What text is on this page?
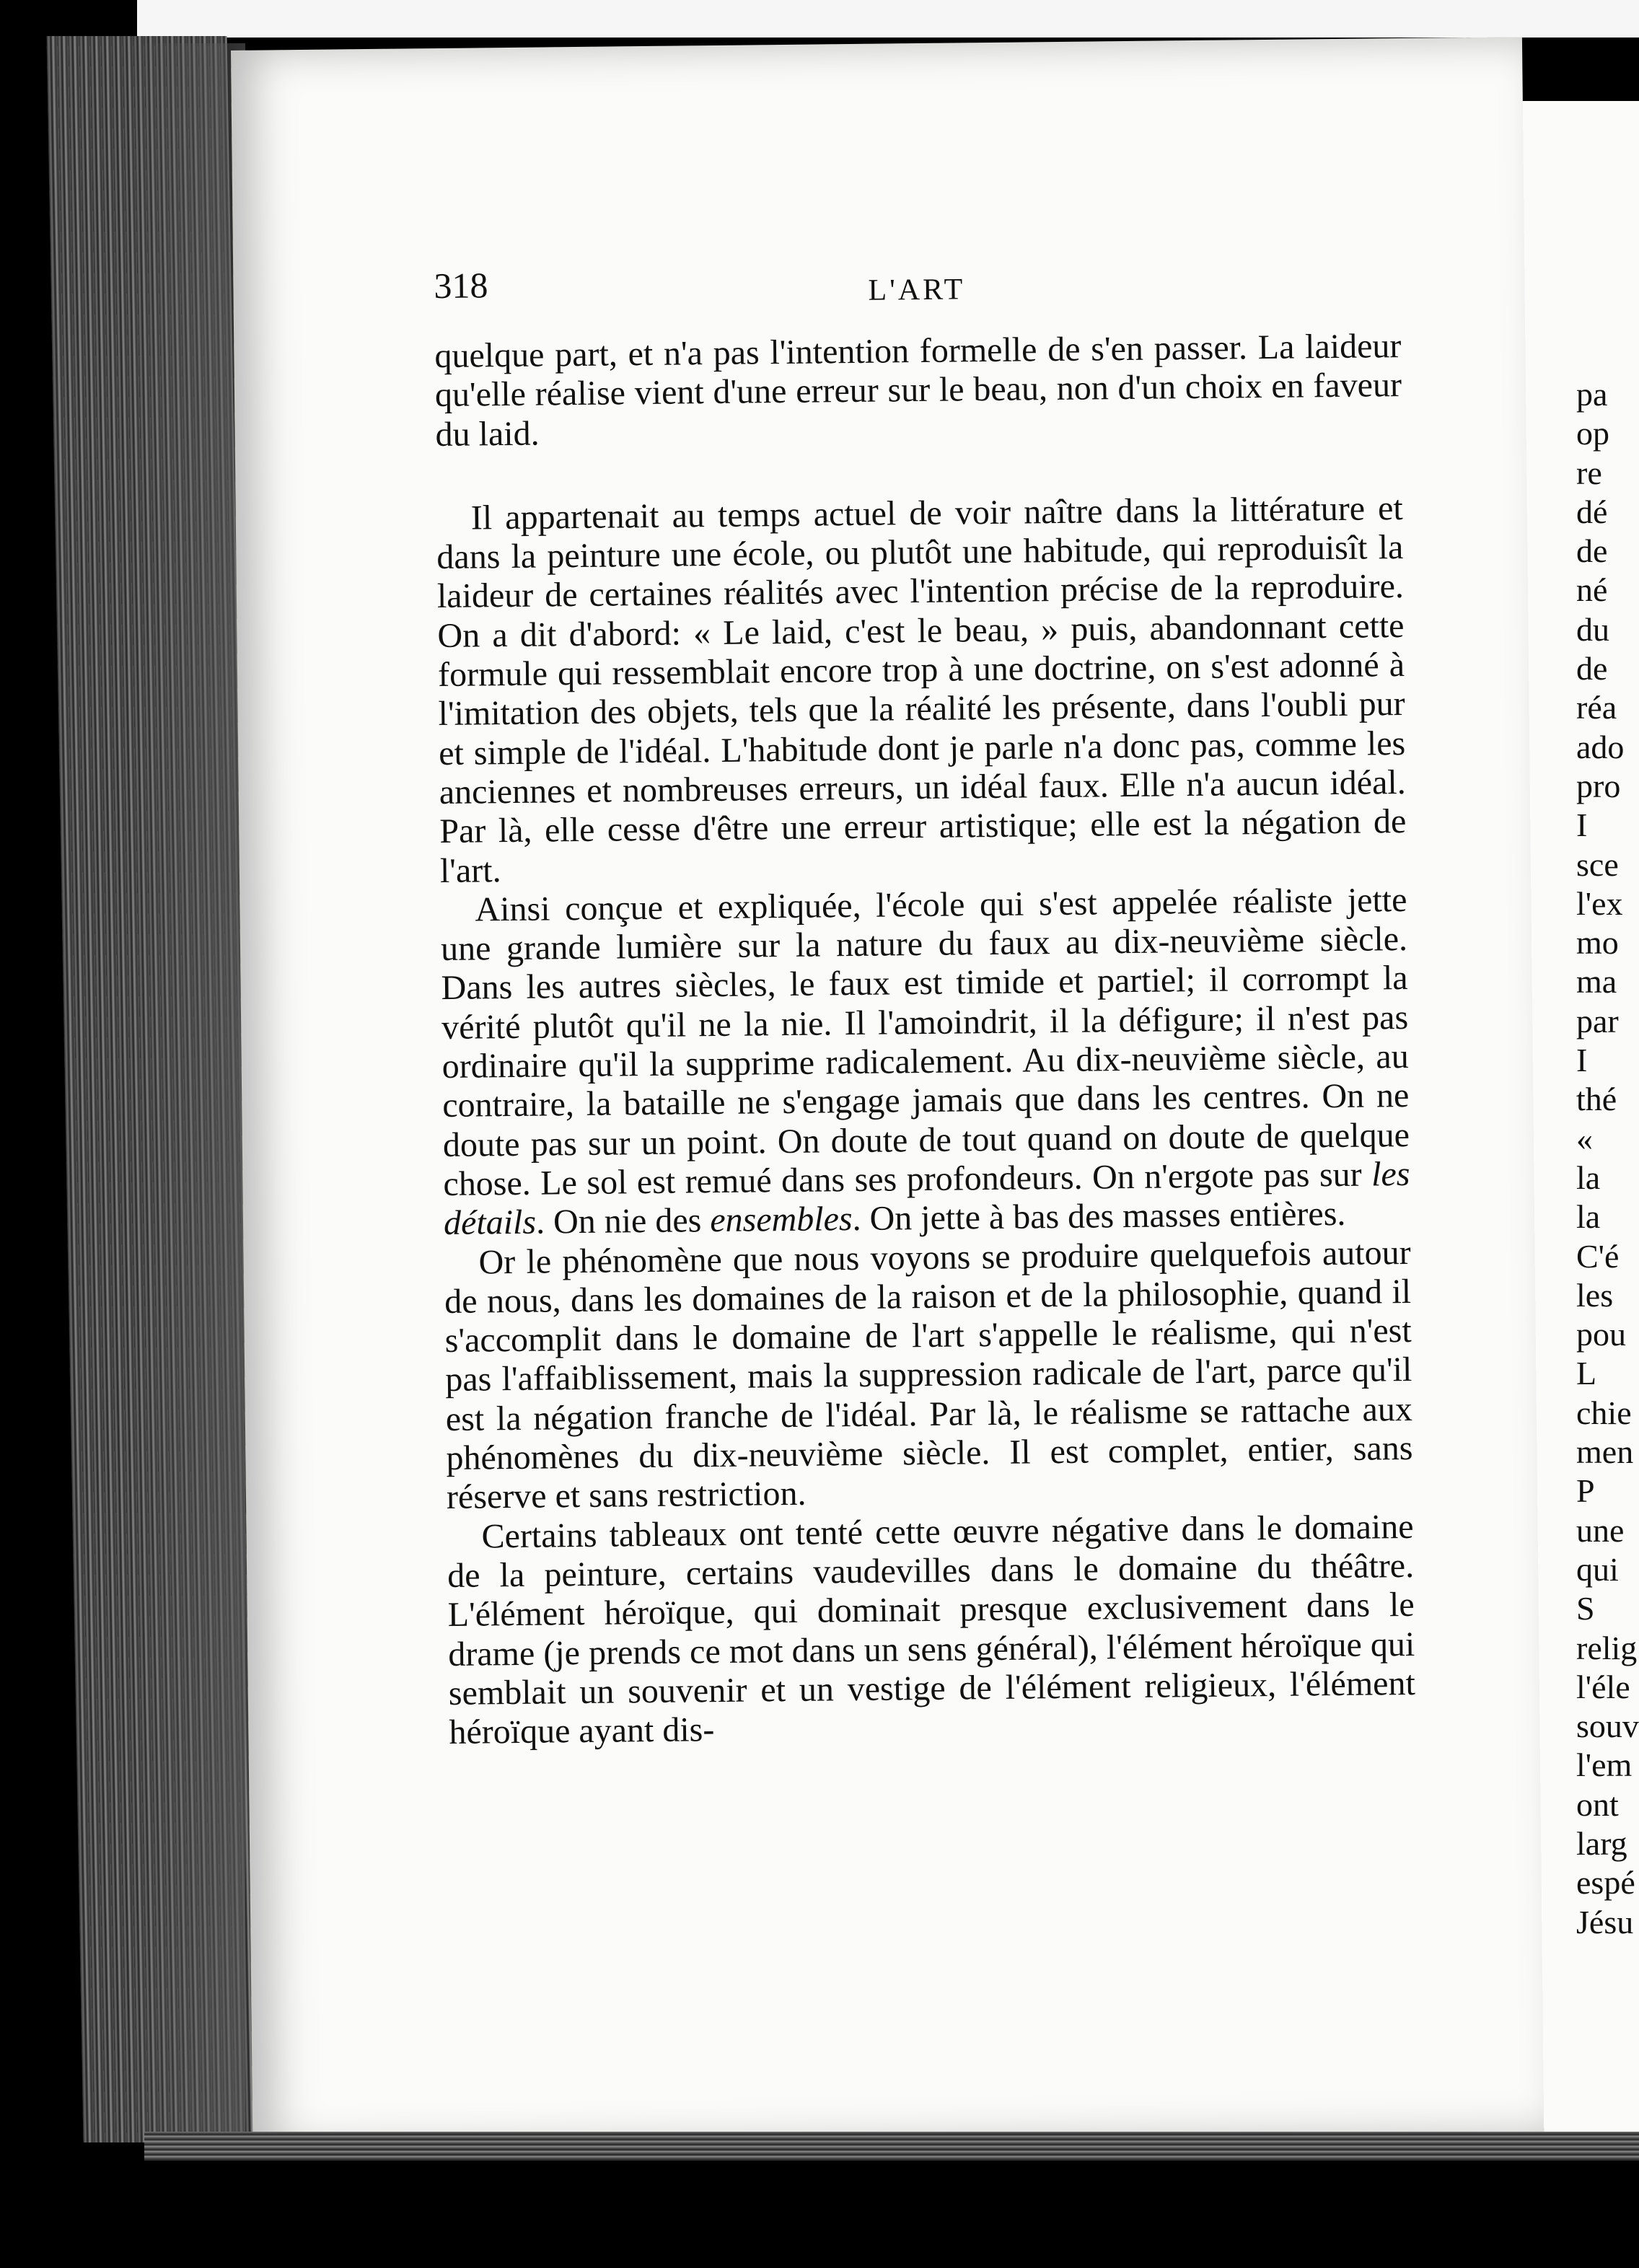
pa
op
re
dé
de
né
du
de
réa
ado
pro
I
sce
l'ex
mo
ma
par
I
thé
«
la
la
C'é
les
pou
L
chie
men
P
une
qui
S
relig
l'éle
souv
l'em
ont
larg
espé
Jésu
318	L'ART

quelque part, et n'a pas l'intention formelle de s'en passer. La laideur qu'elle réalise vient d'une erreur sur le beau, non d'un choix en faveur du laid.

Il appartenait au temps actuel de voir naître dans la littérature et dans la peinture une école, ou plutôt une habitude, qui reproduisît la laideur de certaines réalités avec l'intention précise de la reproduire. On a dit d'abord: « Le laid, c'est le beau, » puis, abandonnant cette formule qui ressemblait encore trop à une doctrine, on s'est adonné à l'imitation des objets, tels que la réalité les présente, dans l'oubli pur et simple de l'idéal. L'habitude dont je parle n'a donc pas, comme les anciennes et nombreuses erreurs, un idéal faux. Elle n'a aucun idéal. Par là, elle cesse d'être une erreur artistique; elle est la négation de l'art.

Ainsi conçue et expliquée, l'école qui s'est appelée réaliste jette une grande lumière sur la nature du faux au dix-neuvième siècle. Dans les autres siècles, le faux est timide et partiel; il corrompt la vérité plutôt qu'il ne la nie. Il l'amoindrit, il la défigure; il n'est pas ordinaire qu'il la supprime radicalement. Au dix-neuvième siècle, au contraire, la bataille ne s'engage jamais que dans les centres. On ne doute pas sur un point. On doute de tout quand on doute de quelque chose. Le sol est remué dans ses profondeurs. On n'ergote pas sur les détails. On nie des ensembles. On jette à bas des masses entières.

Or le phénomène que nous voyons se produire quelquefois autour de nous, dans les domaines de la raison et de la philosophie, quand il s'accomplit dans le domaine de l'art s'appelle le réalisme, qui n'est pas l'affaiblissement, mais la suppression radicale de l'art, parce qu'il est la négation franche de l'idéal. Par là, le réalisme se rattache aux phénomènes du dix-neuvième siècle. Il est complet, entier, sans réserve et sans restriction.

Certains tableaux ont tenté cette œuvre négative dans le domaine de la peinture, certains vaudevilles dans le domaine du théâtre. L'élément héroïque, qui dominait presque exclusivement dans le drame (je prends ce mot dans un sens général), l'élément héroïque qui semblait un souvenir et un vestige de l'élément religieux, l'élément héroïque ayant dis-
